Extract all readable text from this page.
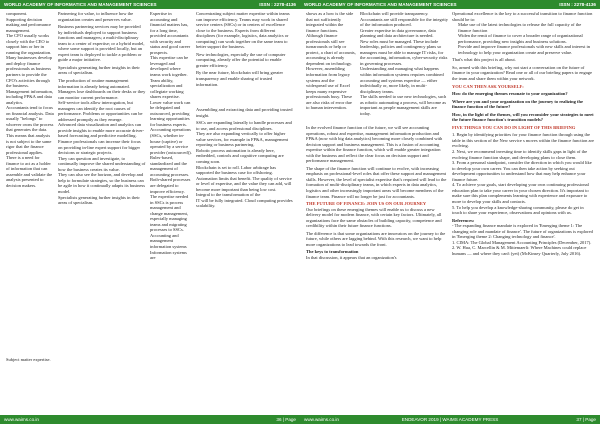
WORLD ACADEMY OF INFORMATICS AND MANAGEMENT SCIENCES	ISSN : 2278-4136

component.

Supporting decision making and performance management.

The CFO usually works closely with the CEO to support him or her in running the organization. Many businesses develop and deploy finance professionals as business partners to provide the CFO's activities through the business.

Management information, including FP&A and data analytics.

Accountants tend to focus on financial analysis. Data usually "belongs" to whoever owns the process that generates the data. This means that analysis is not subject to the same rigor that the finance professional applies.

There is a need for finance to act as a holder of information that can assemble and validate the analysis presented to decision makers.

Subject matter expertise.

Partnering for value, to influence how the organization creates and preserves value.

Business partnering services may be provided by individuals deployed to support business functions and managers; a multi-disciplinary team to a center of expertise; or a hybrid model, where some support is provided locally, but an expert team is deployed to tackle a problem or guide a major initiative.

Specialists generating further insights in their areas of specialism.

The production of routine management information is already being automated.

Managers lose dashboards on their desks or they can monitor current performance.

Self-service tools allow interrogation, but managers can identify the root causes of performance. Problems or opportunities can be addressed promptly as they emerge.

Advanced data visualization and analytics can provide insights to enable more accurate driver-based forecasting and predictive modelling.

Finance professionals can increase their focus on providing in-line expert support for bigger decisions or strategic projects.

They can question and investigate, to continually improve the shared understanding of how the business creates its value.

They can also see the horizon, and develop and help to formulate strategies, so the business can be agile in how it continually adapts its business model.

Specialists generating further insights in their areas of specialism.

Expertise in accounting and financial matters has, for a long time, provided accountants with security and status and good career prospects.

This expertise can be leveraged and developed where teams work together. Team ability, specialization and collegiate working shares expertise. Lower value work can be delegated and outsourced, providing learning opportunities for business experts.

Accounting operations (SSCs, whether in-house (captive) or operated by a service provider (outsourced)).

Rules-based, standardized and the management of accounting processes. Both-shared processes are delegated to improve efficiency. The expertise needed in SSCs is process management and change management, especially managing teams and migrating processes to SSCs.

Accounting and management information systems

Information systems are

Concentrating subject matter expertise within teams can improve efficiency. Teams may work in shared service centers (SSCs) or in centers of excellence close to the business. Experts from different disciplines (for example, logistics, data analytics or computing) can work together on the same team to better support the business.

New technologies, especially the use of computer computing, already offer the potential to enable greater efficiency.

By the near future, blockchain will bring greater transparency and enable sharing of trusted information.

Assembling and extracting data and providing trusted insight.

SSCs are expanding laterally to handle processes and to use, and access professional disciplines.

They are also expanding vertically to offer higher value services, for example in FP&A, management reporting or business partnering.

Robotic process automation is already here, embedded, controls and cognitive computing are coming soon.

Blockchain is set to roll. Labor arbitrage has supported the business case for offshoring. Automation limits that benefit. The quality of service or level of expertise, and the value they can add, will become more important than being low cost.

Integral to the transformation of the

IT will be fully integrated. Cloud computing provides scalability.

www.waims.co.in	36 | Page
WORLD ACADEMY OF INFORMATICS AND MANAGEMENT SCIENCES	ISSN : 2278-4136

shows as a how is the side that not sufficiently integrated within the finance functions.

Although finance professionals still see turnarounds or help or protect, a chart of accounts, accounting is already dependent on technology. However, assembling information from legacy systems and the widespread use of Excel keeps many expensive professionals busy. These are also risks of error due to human intervention.

Blockchain will provide transparency.

Accountants are still responsible for the integrity of the information produced.

Greater expertise in data governance, data planning and data architecture is needed.

New roles must be managed. These include leadership, policies and contingency plans so managers must be able to manage IT risks, for the accounting, information, cyber-security risks in governing processes.

Understanding and managing what happens within information systems requires combined accounting and systems expertise — either individually or, more likely, in multi-disciplinary teams.

The skills needed to use new technologies, such as robotic automating a process, will become as important as people management skills are today.

In the evolved finance function of the future, we will see accounting operations, robust and expertise, management information production and FP&A (now with big data analytics) becoming more closely combined with decision support and business management. This is a fusion of accounting expertise within the finance function, which will enable greater integration with the business and reflect the clear focus on decision support and performance management.

The shape of the finance function will continue to evolve, with increasing emphasis on professional-level roles that offer these support and management skills. However, the level of specialist expertise that's required will lead to the formation of multi-disciplinary teams, in which experts in data analytics, logistics and other increasingly important areas will become members of the finance team. Finance will no longer be just for accountants.

THE FUTURE OF FINANCE: JOIN US ON OUR JOURNEY

Our briefings on these emerging themes will enable us to discuss a new delivery model for modern finance, with certain key factors. Ultimately, all organizations face the same obstacles of building capacity, competence and credibility within their future finance functions.

The difference is that some organizations are innovators on the journey to the future, while others are lagging behind. With this research, we want to help more organizations to lead towards the front.

The keys to transformation

In that discussion, it appears that an organization's

Operational excellence is the key to a successful transition to finance function should be to:

Make use of the latest technologies to release the full capacity of the finance function

Widen the remit of finance to cover a broader range of organizational performance, providing new insights and business solutions.

Provide and improve finance professionals with new skills and interest in technology to help your organization create and preserve value.

That's what this project is all about.

So, armed with this briefing, why not start a conversation on the future of finance in your organization? Read one or all of our briefing papers to engage the team and share them within your network.

YOU CAN THEN ASK YOURSELF:

How do the emerging themes resonate to your organization?

Where are you and your organization on the journey to realizing the finance function of the future?

How, in the light of the themes, will you reconsider your strategies to meet the future finance function's transition models?

FIVE THINGS YOU CAN DO IN LIGHT OF THIS BRIEFING

1. Begin by identifying priorities for your finance function through using the table in this section of the New service s moves within the finance function are evolving.

2. Next, we recommend investing time to identify skills gaps in light of the evolving finance function shape, and developing plans to close them.

3. From a personal standpoint, consider the direction in which you would like to develop your own career. You can then take action by seeking out development opportunities to understand how that may help enhance your finance future.

4. To achieve your goals, start developing your own continuing professional education plan to take your career in your chosen direction. It's important to make sure this plan complements learning with experience and exposure to more to develop your skills and contacts.

5. To help you develop a knowledge-sharing community, please do get in touch to share your experience, observations and opinions with us.

References:

- The expanding finance mandate is explored in 'Emerging theme 1: The changing role and mandate of finance'. The future of organizations is explored in 'Emerging theme 2: Changing technology and finance'.

1. CIMA: The Global Management Accounting Principles (December, 2017).

2. W. Hua, C. Marcellin & M. Mittemaerli: Where Machines could replace humans — and where they can't (yet) (McKinsey Quarterly, July 2016).

www.waims.co.in	ENDEAVOR 2019 | WAIMS ACADEMY PRESS	37 | Page
